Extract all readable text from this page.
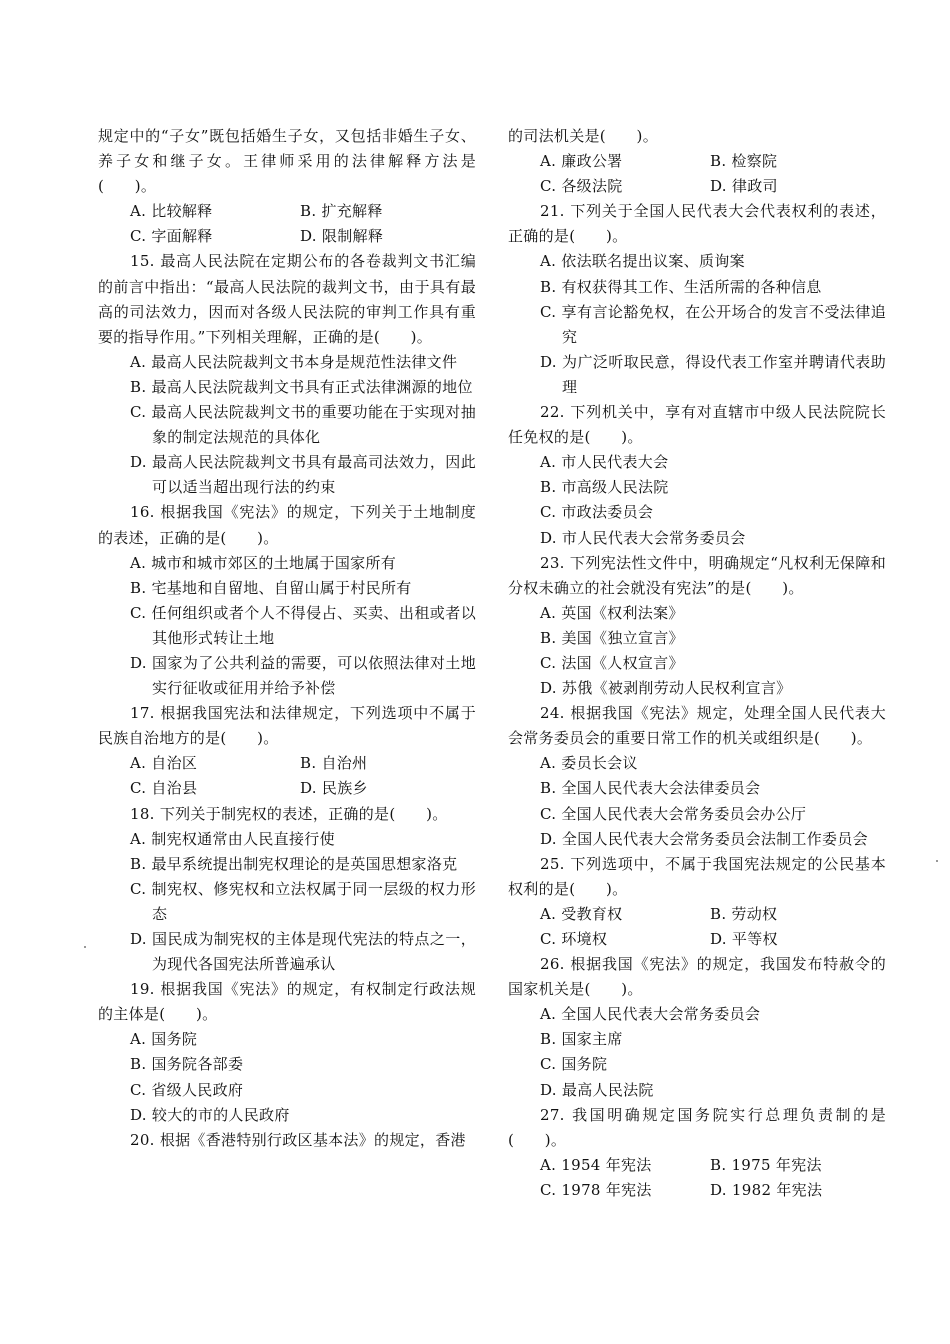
规定中的“子女”既包括婚生子女，又包括非婚生子女、养子女和继子女。王律师采用的法律解释方法是(　　)。

A. 比较解释	B. 扩充解释
C. 字面解释	D. 限制解释

15. 最高人民法院在定期公布的各卷裁判文书汇编的前言中指出：“最高人民法院的裁判文书，由于具有最高的司法效力，因而对各级人民法院的审判工作具有重要的指导作用。”下列相关理解，正确的是(　　)。

A. 最高人民法院裁判文书本身是规范性法律文件

B. 最高人民法院裁判文书具有正式法律渊源的地位

C. 最高人民法院裁判文书的重要功能在于实现对抽象的制定法规范的具体化

D. 最高人民法院裁判文书具有最高司法效力，因此可以适当超出现行法的约束

16. 根据我国《宪法》的规定，下列关于土地制度的表述，正确的是(　　)。

A. 城市和城市郊区的土地属于国家所有

B. 宅基地和自留地、自留山属于村民所有

C. 任何组织或者个人不得侵占、买卖、出租或者以其他形式转让土地

D. 国家为了公共利益的需要，可以依照法律对土地实行征收或征用并给予补偿

17. 根据我国宪法和法律规定，下列选项中不属于民族自治地方的是(　　)。

A. 自治区	B. 自治州
C. 自治县	D. 民族乡

18. 下列关于制宪权的表述，正确的是(　　)。

A. 制宪权通常由人民直接行使

B. 最早系统提出制宪权理论的是英国思想家洛克

C. 制宪权、修宪权和立法权属于同一层级的权力形态

D. 国民成为制宪权的主体是现代宪法的特点之一，为现代各国宪法所普遍承认

19. 根据我国《宪法》的规定，有权制定行政法规的主体是(　　)。

A. 国务院

B. 国务院各部委

C. 省级人民政府

D. 较大的市的人民政府

20. 根据《香港特别行政区基本法》的规定，香港

的司法机关是(　　)。

A. 廉政公署	B. 检察院
C. 各级法院	D. 律政司

21. 下列关于全国人民代表大会代表权利的表述，正确的是(　　)。

A. 依法联名提出议案、质询案

B. 有权获得其工作、生活所需的各种信息

C. 享有言论豁免权，在公开场合的发言不受法律追究

D. 为广泛听取民意，得设代表工作室并聘请代表助理

22. 下列机关中，享有对直辖市中级人民法院院长任免权的是(　　)。

A. 市人民代表大会

B. 市高级人民法院

C. 市政法委员会

D. 市人民代表大会常务委员会

23. 下列宪法性文件中，明确规定“凡权利无保障和分权未确立的社会就没有宪法”的是(　　)。

A. 英国《权利法案》

B. 美国《独立宣言》

C. 法国《人权宣言》

D. 苏俄《被剥削劳动人民权利宣言》

24. 根据我国《宪法》规定，处理全国人民代表大会常务委员会的重要日常工作的机关或组织是(　　)。

A. 委员长会议

B. 全国人民代表大会法律委员会

C. 全国人民代表大会常务委员会办公厅

D. 全国人民代表大会常务委员会法制工作委员会

25. 下列选项中，不属于我国宪法规定的公民基本权利的是(　　)。

A. 受教育权	B. 劳动权
C. 环境权	D. 平等权

26. 根据我国《宪法》的规定，我国发布特赦令的国家机关是(　　)。

A. 全国人民代表大会常务委员会

B. 国家主席

C. 国务院

D. 最高人民法院

27. 我国明确规定国务院实行总理负责制的是(　　)。

A. 1954 年宪法	B. 1975 年宪法
C. 1978 年宪法	D. 1982 年宪法
